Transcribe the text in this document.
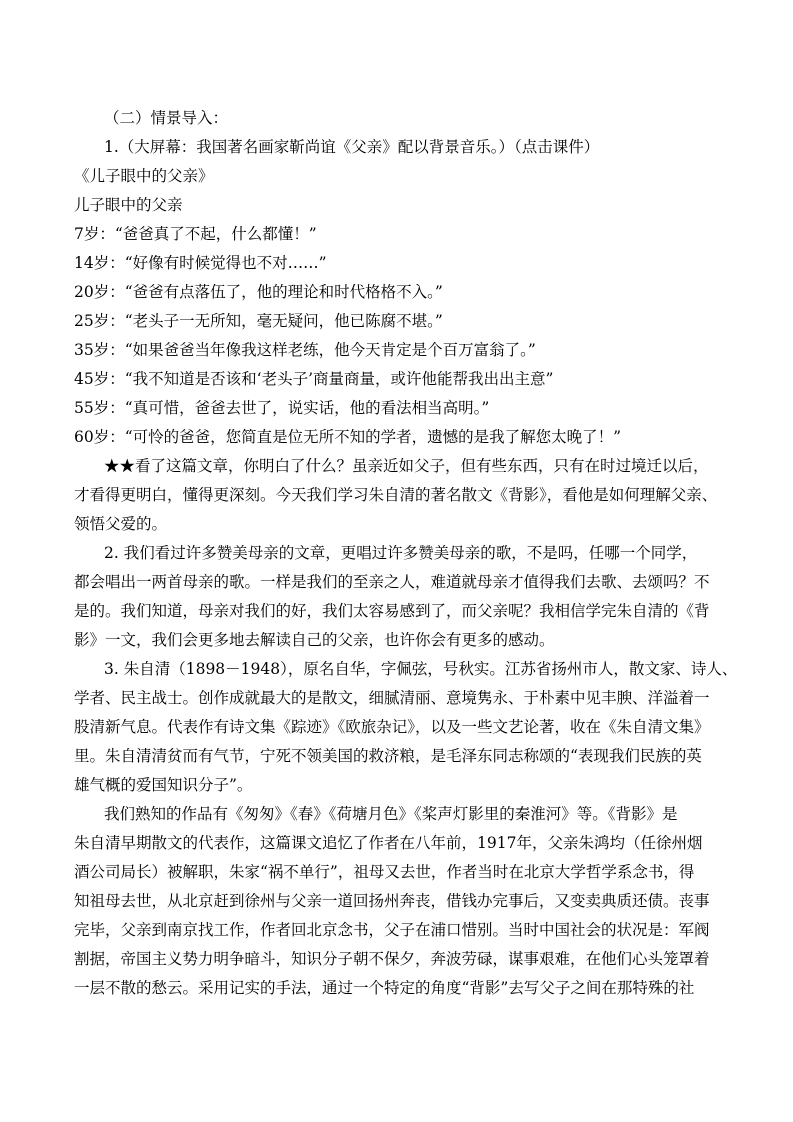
（二）情景导入：
1.（大屏幕：我国著名画家靳尚谊《父亲》配以背景音乐。）（点击课件）
《儿子眼中的父亲》
儿子眼中的父亲
7岁：“爸爸真了不起，什么都懂！”
14岁：“好像有时候觉得也不对……”
20岁：“爸爸有点落伍了，他的理论和时代格格不入。”
25岁：“老头子一无所知，毫无疑问，他已陈腐不堪。”
35岁：“如果爸爸当年像我这样老练，他今天肯定是个百万富翁了。”
45岁：“我不知道是否该和‘老头子’商量商量，或许他能帮我出出主意”
55岁：“真可惜，爸爸去世了，说实话，他的看法相当高明。”
60岁：“可怜的爸爸，您简直是位无所不知的学者，遗憾的是我了解您太晚了！”
★★看了这篇文章，你明白了什么？虽亲近如父子，但有些东西，只有在时过境迁以后，
才看得更明白，懂得更深刻。今天我们学习朱自清的著名散文《背影》，看他是如何理解父亲、
领悟父爱的。
2. 我们看过许多赞美母亲的文章，更唱过许多赞美母亲的歌，不是吗，任哪一个同学，
都会唱出一两首母亲的歌。一样是我们的至亲之人，难道就母亲才值得我们去歌、去颂吗？不
是的。我们知道，母亲对我们的好，我们太容易感到了，而父亲呢？我相信学完朱自清的《背
影》一文，我们会更多地去解读自己的父亲，也许你会有更多的感动。
3. 朱自清（1898－1948），原名自华，字佩弦，号秋实。江苏省扬州市人，散文家、诗人、
学者、民主战士。创作成就最大的是散文，细腻清丽、意境隽永、于朴素中见丰腴、洋溢着一
股清新气息。代表作有诗文集《踪迹》《欧旅杂记》，以及一些文艺论著，收在《朱自清文集》
里。朱自清清贫而有气节，宁死不领美国的救济粮，是毛泽东同志称颂的“表现我们民族的英
雄气概的爱国知识分子”。
我们熟知的作品有《匆匆》《春》《荷塘月色》《桨声灯影里的秦淮河》等。《背影》是
朱自清早期散文的代表作，这篇课文追忆了作者在八年前，1917年，父亲朱鸿均（任徐州烟
酒公司局长）被解职，朱家“祸不单行”，祖母又去世，作者当时在北京大学哲学系念书，得
知祖母去世，从北京赶到徐州与父亲一道回扬州奔丧，借钱办完事后，又变卖典质还债。丧事
完毕，父亲到南京找工作，作者回北京念书，父子在浦口惜别。当时中国社会的状况是：军阀
割据，帝国主义势力明争暗斗，知识分子朝不保夕，奔波劳碌，谋事艰难，在他们心头笼罩着
一层不散的愁云。采用记实的手法，通过一个特定的角度“背影”去写父子之间在那特殊的社
